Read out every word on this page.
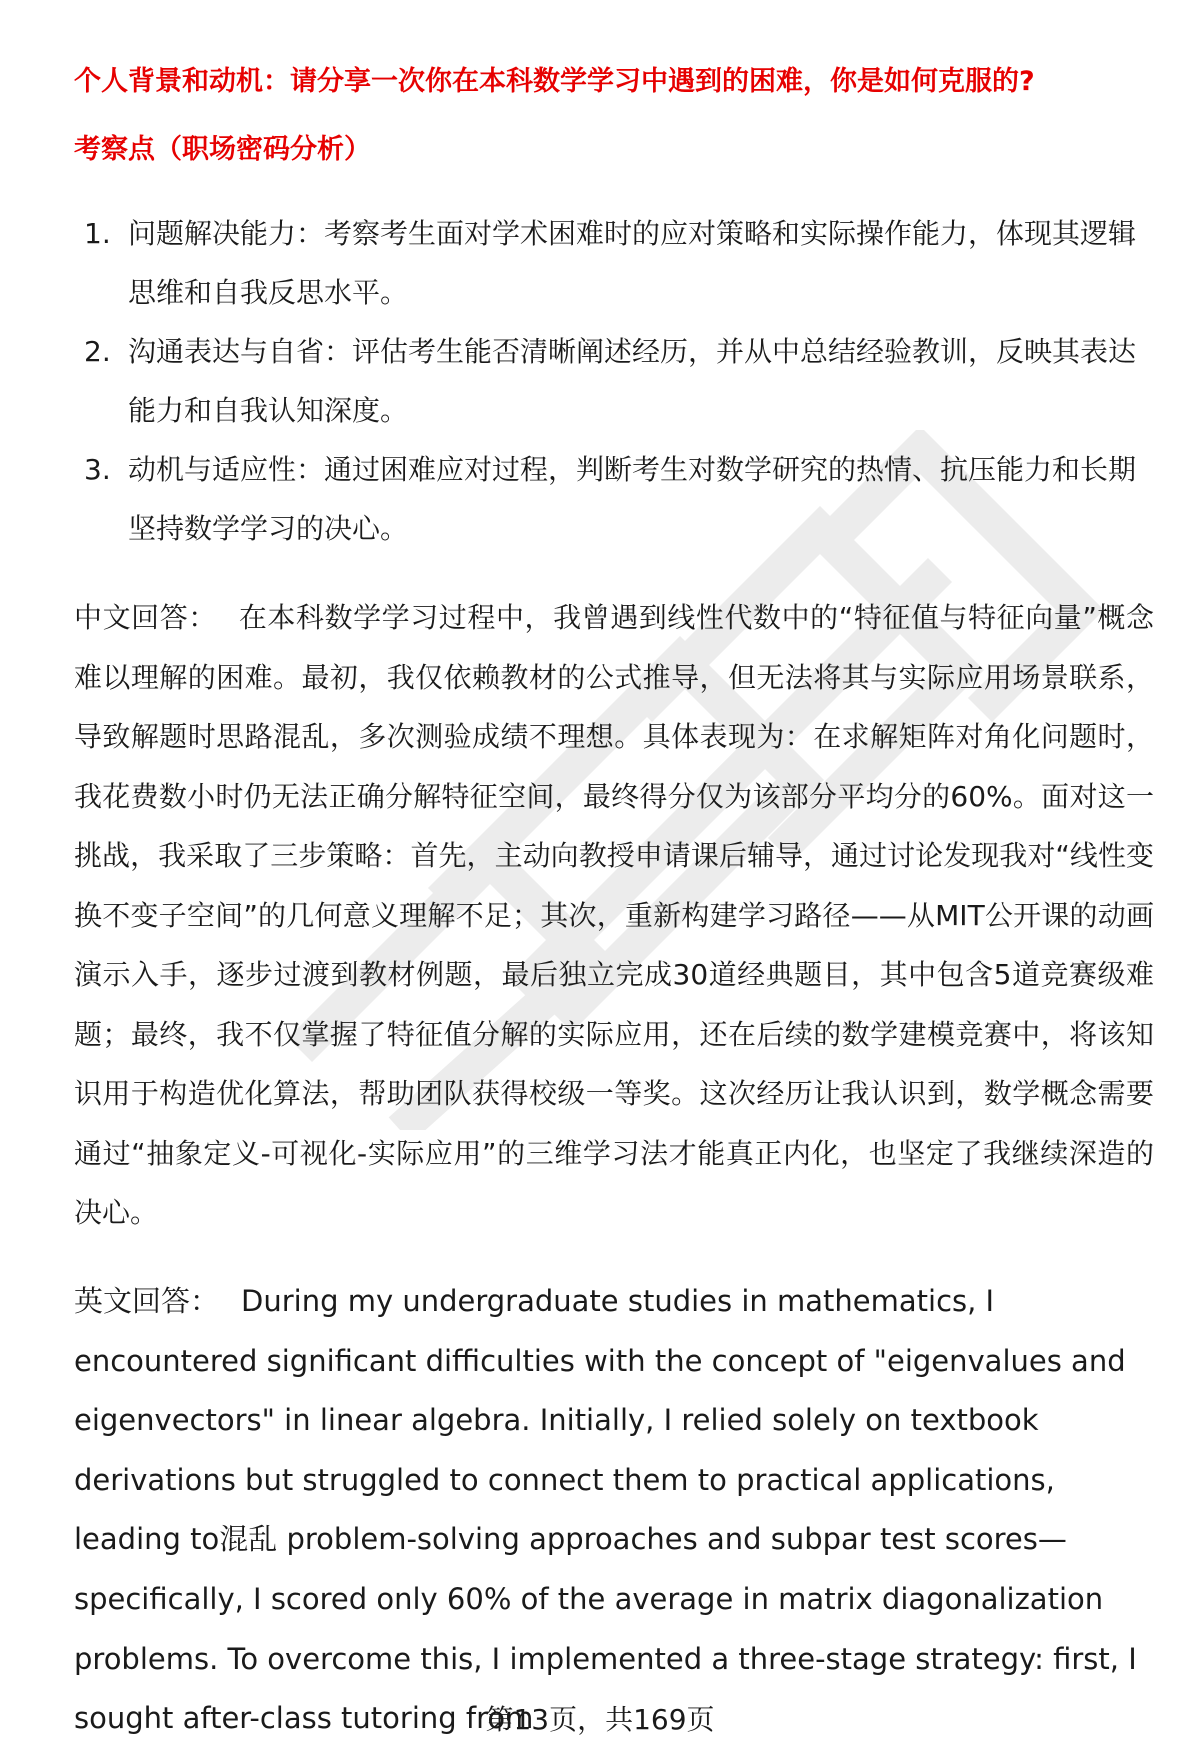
个人背景和动机：请分享一次你在本科数学学习中遇到的困难，你是如何克服的?
考察点（职场密码分析）
1. 问题解决能力：考察考生面对学术困难时的应对策略和实际操作能力，体现其逻辑思维和自我反思水平。
2. 沟通表达与自省：评估考生能否清晰阐述经历，并从中总结经验教训，反映其表达能力和自我认知深度。
3. 动机与适应性：通过困难应对过程，判断考生对数学研究的热情、抗压能力和长期坚持数学学习的决心。
中文回答： 在本科数学学习过程中，我曾遇到线性代数中的“特征值与特征向量”概念难以理解的困难。最初，我仅依赖教材的公式推导，但无法将其与实际应用场景联系，导致解题时思路混乱，多次测验成绩不理想。具体表现为：在求解矩阵对角化问题时，我花费数小时仍无法正确分解特征空间，最终得分仅为该部分平均分的60%。面对这一挑战，我采取了三步策略：首先，主动向教授申请课后辅导，通过讨论发现我对“线性变换不变子空间”的几何意义理解不足；其次，重新构建学习路径——从MIT公开课的动画演示入手，逐步过渡到教材例题，最后独立完成30道经典题目，其中包含5道竞赛级难题；最终，我不仅掌握了特征值分解的实际应用，还在后续的数学建模竞赛中，将该知识用于构造优化算法，帮助团队获得校级一等奖。这次经历让我认识到，数学概念需要通过“抽象定义-可视化-实际应用”的三维学习法才能真正内化，也坚定了我继续深造的决心。
英文回答： During my undergraduate studies in mathematics, I encountered significant difficulties with the concept of "eigenvalues and eigenvectors" in linear algebra. Initially, I relied solely on textbook derivations but struggled to connect them to practical applications, leading to混乱 problem-solving approaches and subpar test scores—specifically, I scored only 60% of the average in matrix diagonalization problems. To overcome this, I implemented a three-stage strategy: first, I sought after-class tutoring from
第13页，共169页
